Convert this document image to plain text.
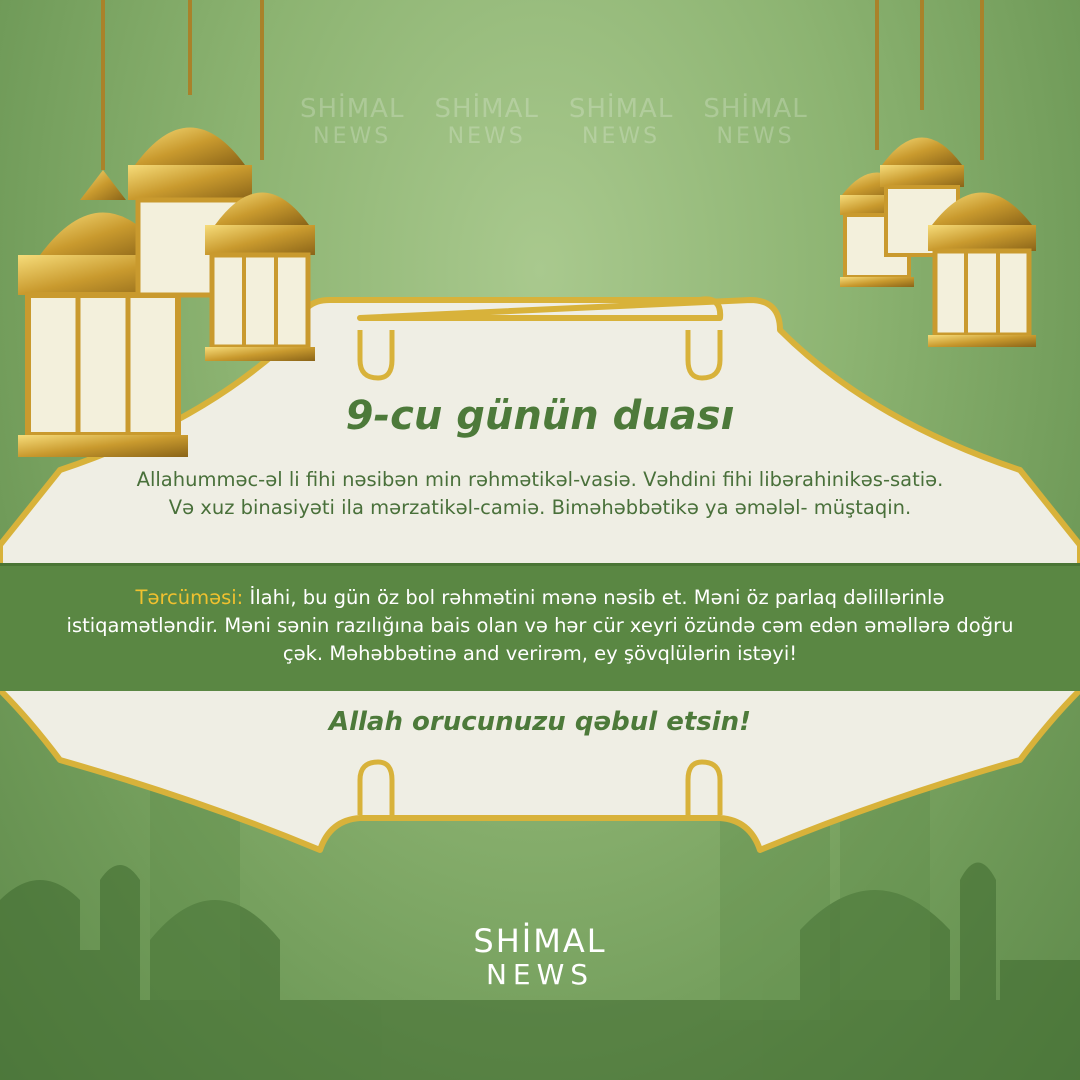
SHİMAL
NEWS
SHİMAL
NEWS
SHİMAL
NEWS
SHİMAL
NEWS
9-cu günün duası
Allahummәc-әl li fihi nәsibәn min rәhmәtikәl-vasiә. Vәhdini fihi libәrahinikәs-satiә. Vә xuz binasiyәti ila mәrzatikәl-camiә. Bimәhәbbәtikә ya әmәlәl- müştaqin.
Tәrcümәsi: İlahi, bu gün öz bol rәhmәtini mәnә nәsib et. Mәni öz parlaq dәlillәrinlә istiqamәtlәndir. Mәni sәnin razılığına bais olan vә hәr cür xeyri özündә cәm edәn әmәllәrә doğru çәk. Mәhәbbәtinә and verirәm, ey şövqlülәrin istәyi!
Allah orucunuzu qәbul etsin!
SHİMAL
NEWS
